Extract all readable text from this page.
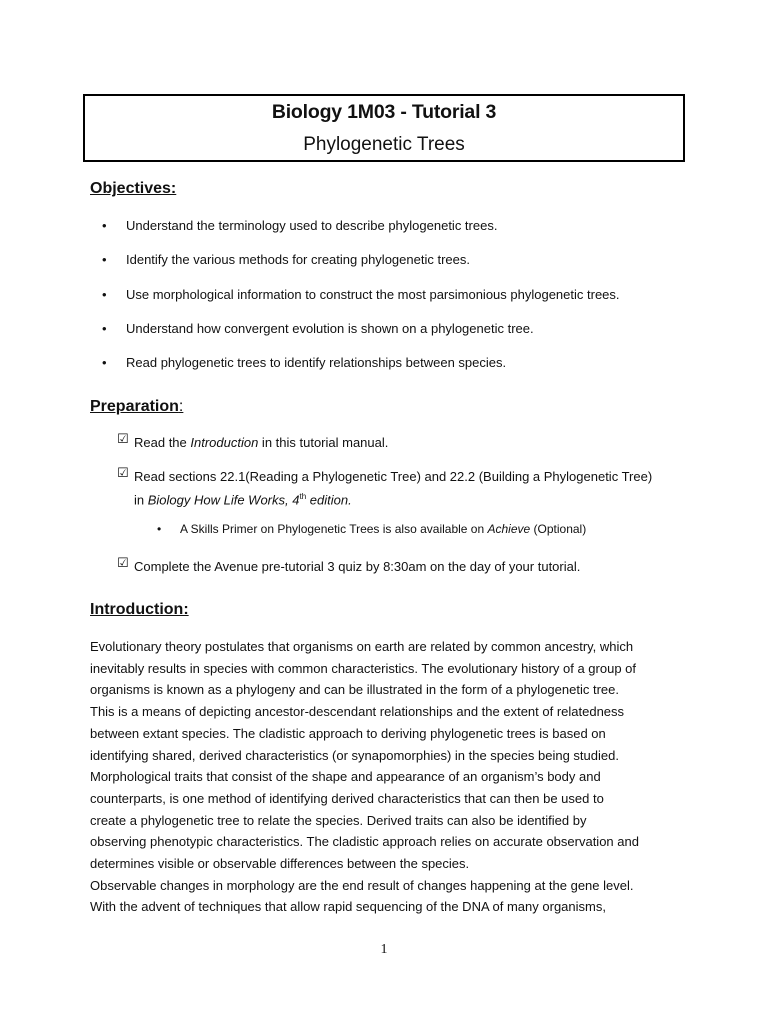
Biology 1M03 - Tutorial 3
Phylogenetic Trees
Objectives:
• Understand the terminology used to describe phylogenetic trees.
• Identify the various methods for creating phylogenetic trees.
• Use morphological information to construct the most parsimonious phylogenetic trees.
• Understand how convergent evolution is shown on a phylogenetic tree.
• Read phylogenetic trees to identify relationships between species.
Preparation:
☑ Read the Introduction in this tutorial manual.
☑ Read sections 22.1(Reading a Phylogenetic Tree) and 22.2 (Building a Phylogenetic Tree)
in Biology How Life Works, 4th edition.
• A Skills Primer on Phylogenetic Trees is also available on Achieve (Optional)
☑ Complete the Avenue pre-tutorial 3 quiz by 8:30am on the day of your tutorial.
Introduction:

Evolutionary theory postulates that organisms on earth are related by common ancestry, which

inevitably results in species with common characteristics. The evolutionary history of a group of

organisms is known as a phylogeny and can be illustrated in the form of a phylogenetic tree.

This is a means of depicting ancestor-descendant relationships and the extent of relatedness

between extant species. The cladistic approach to deriving phylogenetic trees is based on

identifying shared, derived characteristics (or synapomorphies) in the species being studied.

Morphological traits that consist of the shape and appearance of an organism’s body and

counterparts, is one method of identifying derived characteristics that can then be used to

create a phylogenetic tree to relate the species. Derived traits can also be identified by

observing phenotypic characteristics. The cladistic approach relies on accurate observation and

determines visible or observable differences between the species.

Observable changes in morphology are the end result of changes happening at the gene level.

With the advent of techniques that allow rapid sequencing of the DNA of many organisms,

1
